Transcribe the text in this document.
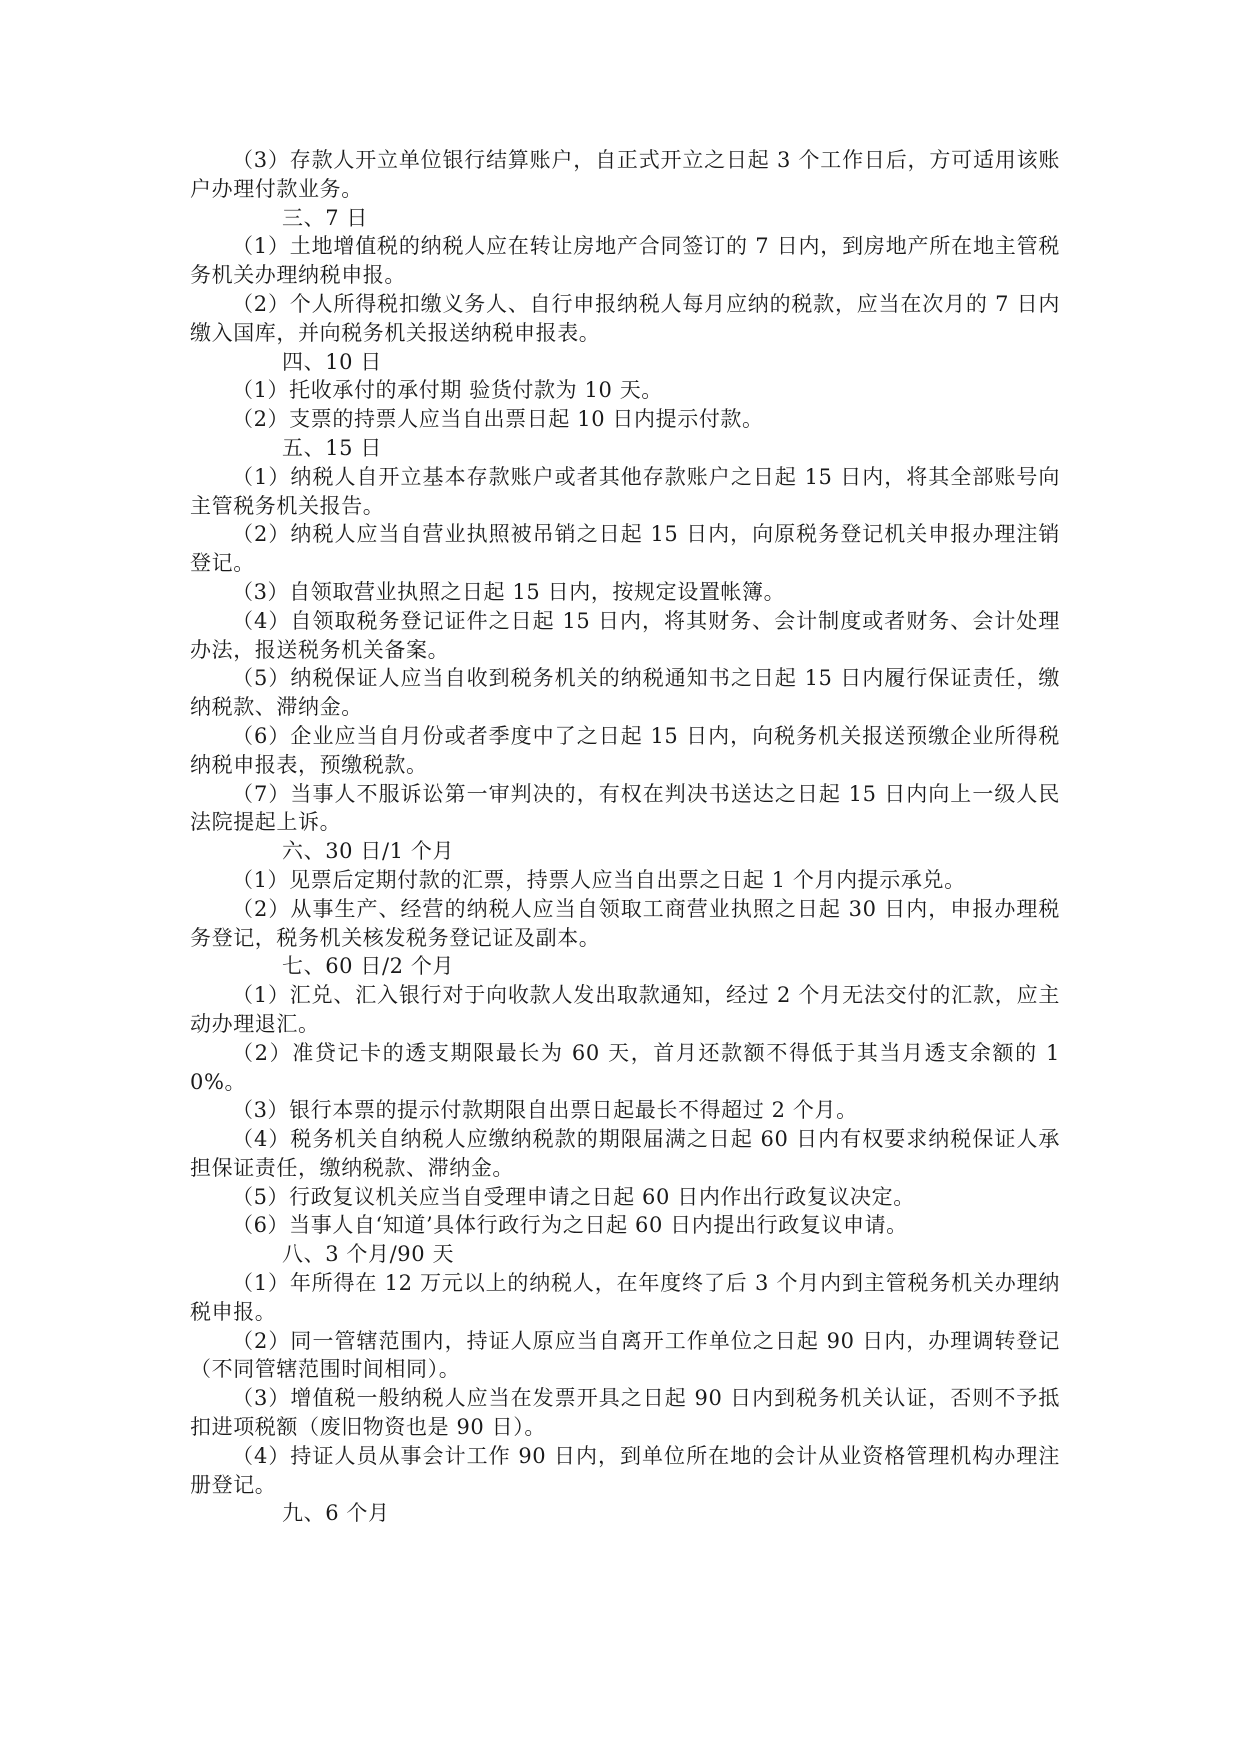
（3）存款人开立单位银行结算账户，自正式开立之日起 3 个工作日后，方可适用该账户办理付款业务。

三、7 日

（1）土地增值税的纳税人应在转让房地产合同签订的 7 日内，到房地产所在地主管税务机关办理纳税申报。

（2）个人所得税扣缴义务人、自行申报纳税人每月应纳的税款，应当在次月的 7 日内缴入国库，并向税务机关报送纳税申报表。

四、10 日

（1）托收承付的承付期 验货付款为 10 天。

（2）支票的持票人应当自出票日起 10 日内提示付款。

五、15 日

（1）纳税人自开立基本存款账户或者其他存款账户之日起 15 日内，将其全部账号向主管税务机关报告。

（2）纳税人应当自营业执照被吊销之日起 15 日内，向原税务登记机关申报办理注销登记。

（3）自领取营业执照之日起 15 日内，按规定设置帐簿。

（4）自领取税务登记证件之日起 15 日内，将其财务、会计制度或者财务、会计处理办法，报送税务机关备案。

（5）纳税保证人应当自收到税务机关的纳税通知书之日起 15 日内履行保证责任，缴纳税款、滞纳金。

（6）企业应当自月份或者季度中了之日起 15 日内，向税务机关报送预缴企业所得税纳税申报表，预缴税款。

（7）当事人不服诉讼第一审判决的，有权在判决书送达之日起 15 日内向上一级人民法院提起上诉。

六、30 日/1 个月

（1）见票后定期付款的汇票，持票人应当自出票之日起 1 个月内提示承兑。

（2）从事生产、经营的纳税人应当自领取工商营业执照之日起 30 日内，申报办理税务登记，税务机关核发税务登记证及副本。

七、60 日/2 个月

（1）汇兑、汇入银行对于向收款人发出取款通知，经过 2 个月无法交付的汇款，应主动办理退汇。

（2）准贷记卡的透支期限最长为 60 天，首月还款额不得低于其当月透支余额的 10%。

（3）银行本票的提示付款期限自出票日起最长不得超过 2 个月。

（4）税务机关自纳税人应缴纳税款的期限届满之日起 60 日内有权要求纳税保证人承担保证责任，缴纳税款、滞纳金。

（5）行政复议机关应当自受理申请之日起 60 日内作出行政复议决定。

（6）当事人自‘知道’具体行政行为之日起 60 日内提出行政复议申请。

八、3 个月/90 天

（1）年所得在 12 万元以上的纳税人，在年度终了后 3 个月内到主管税务机关办理纳税申报。

（2）同一管辖范围内，持证人原应当自离开工作单位之日起 90 日内，办理调转登记（不同管辖范围时间相同）。

（3）增值税一般纳税人应当在发票开具之日起 90 日内到税务机关认证，否则不予抵扣进项税额（废旧物资也是 90 日）。

（4）持证人员从事会计工作 90 日内，到单位所在地的会计从业资格管理机构办理注册登记。

九、6 个月
